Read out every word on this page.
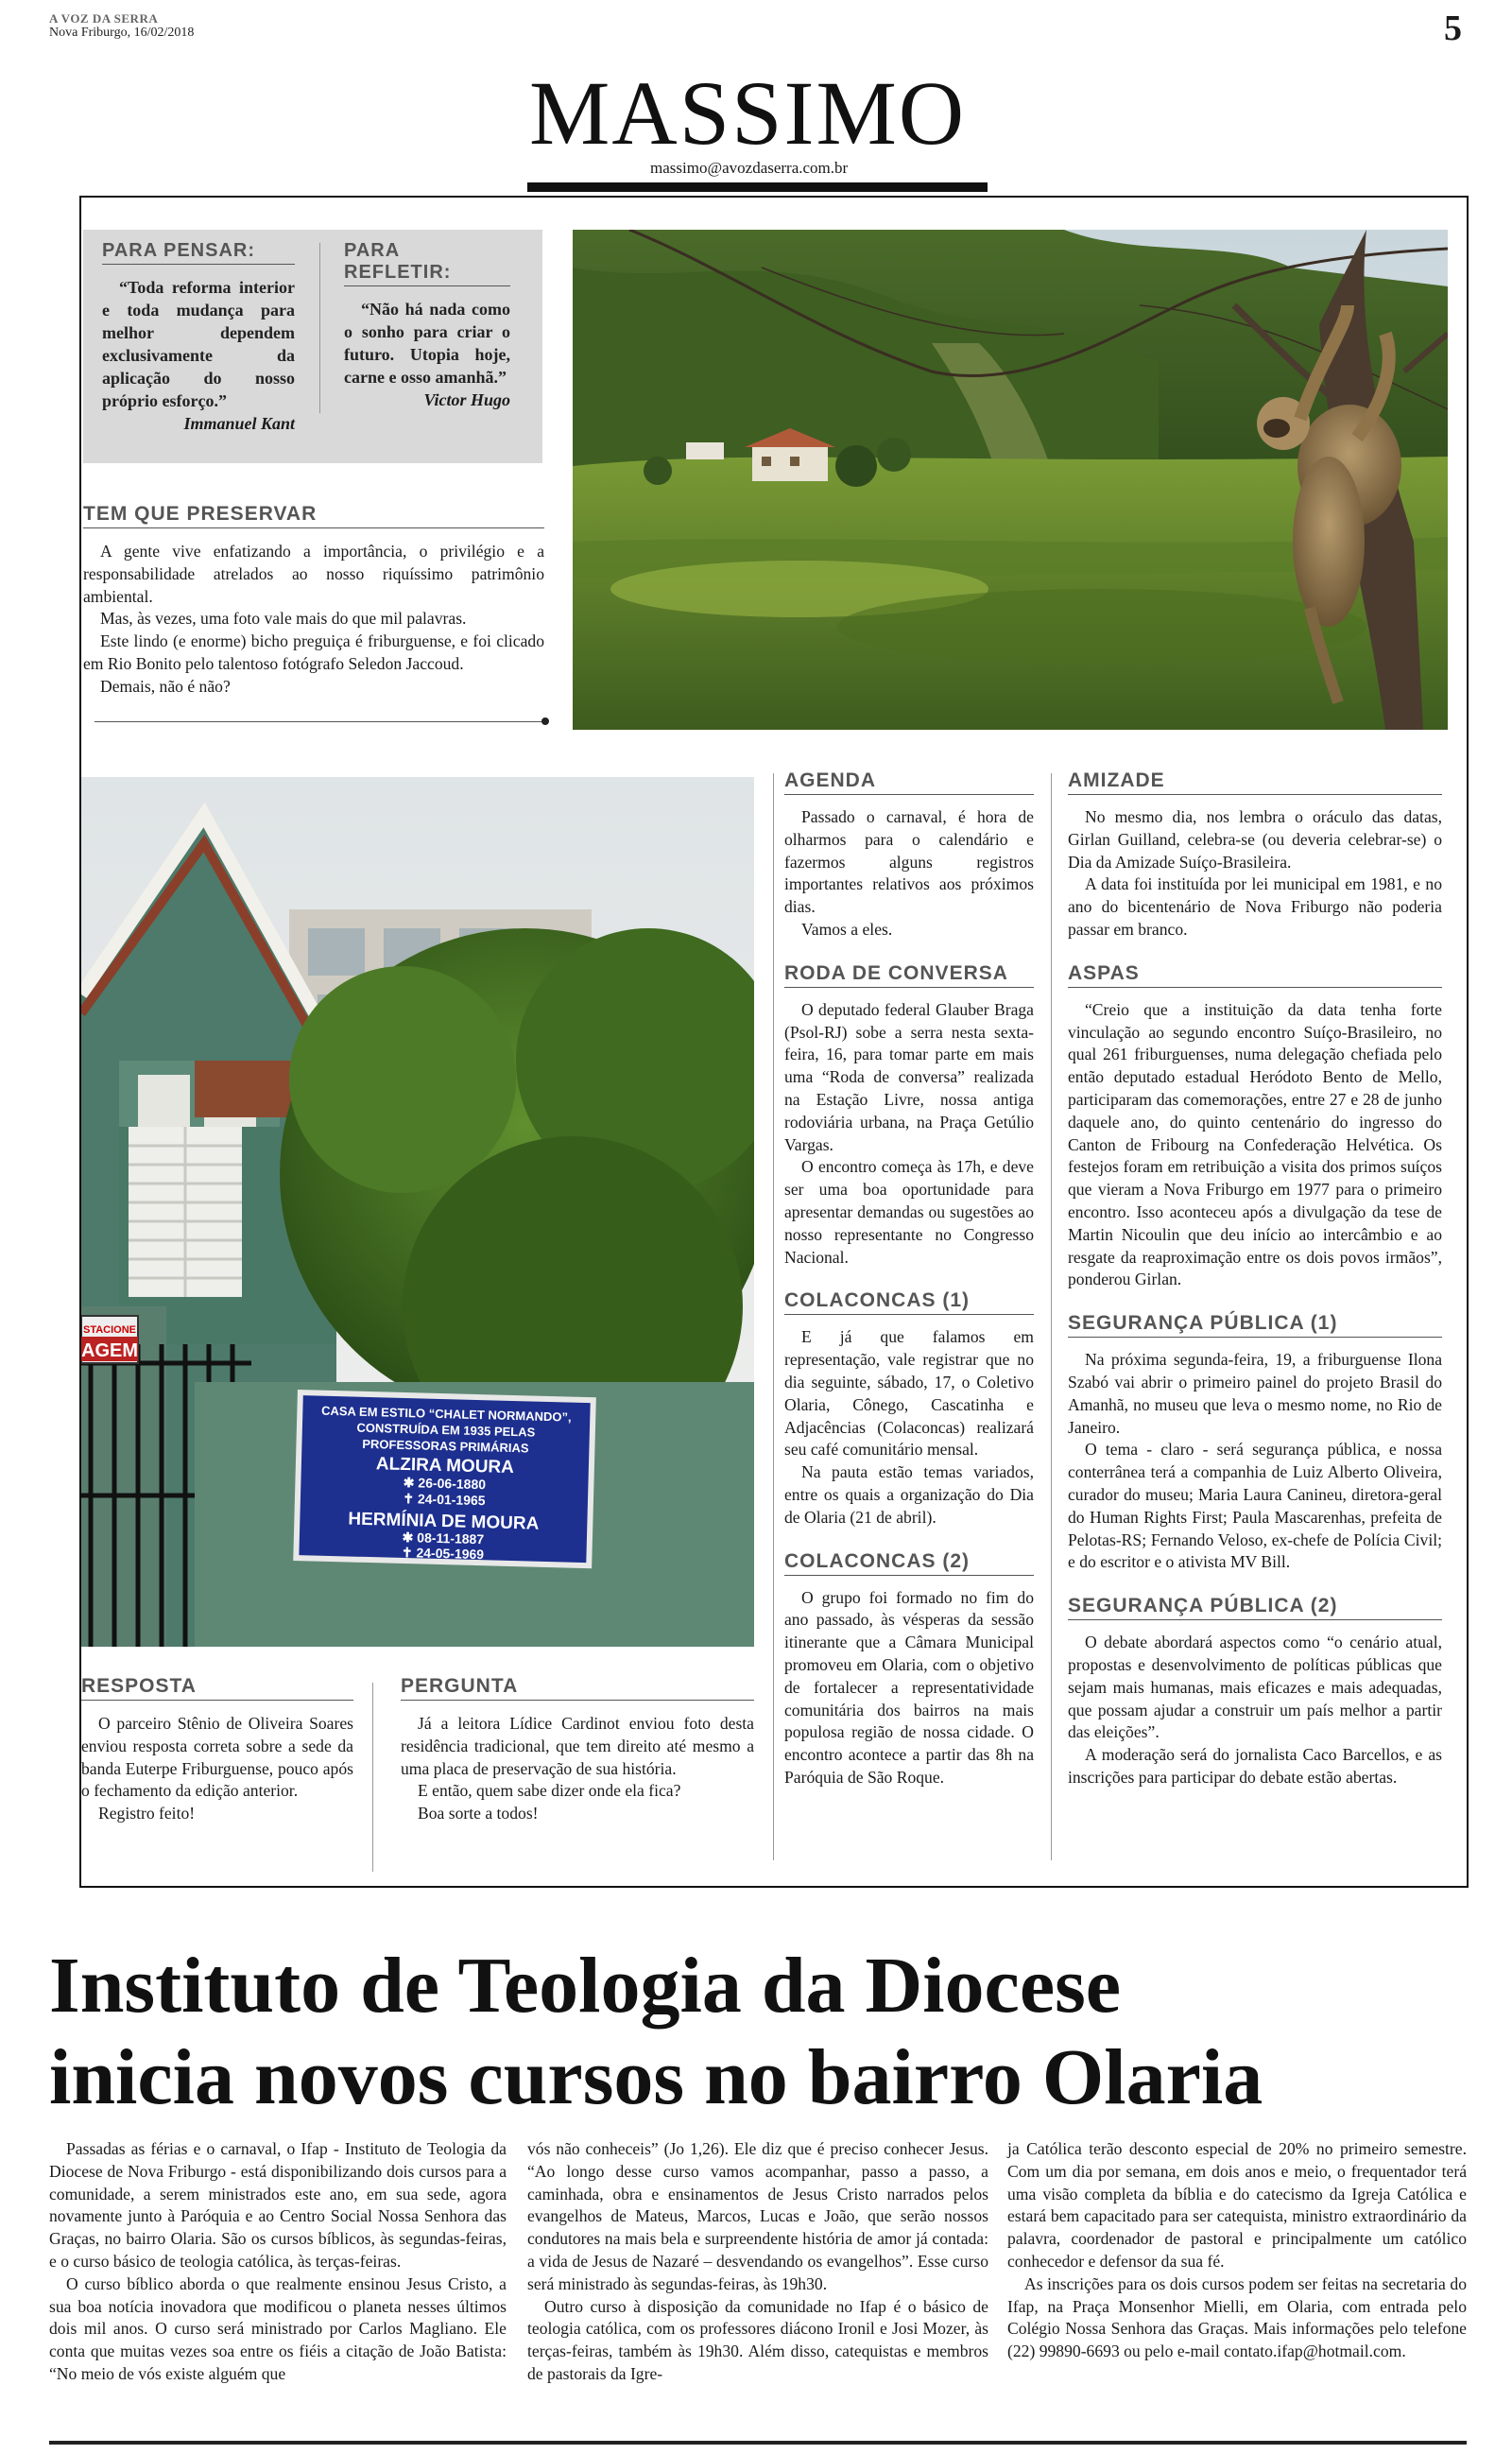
A VOZ DA SERRA
Nova Friburgo, 16/02/2018	5
MASSIMO
massimo@avozdaserra.com.br
PARA PENSAR:

“Toda reforma interior e toda mudança para melhor dependem exclusivamente da aplicação do nosso próprio esforço.”

Immanuel Kant
PARA REFLETIR:

“Não há nada como o sonho para criar o futuro. Utopia hoje, carne e osso amanhã.”

Victor Hugo
TEM QUE PRESERVAR

A gente vive enfatizando a importância, o privilégio e a responsabilidade atrelados ao nosso riquíssimo patrimônio ambiental.

Mas, às vezes, uma foto vale mais do que mil palavras.

Este lindo (e enorme) bicho preguiça é friburguense, e foi clicado em Rio Bonito pelo talentoso fotógrafo Seledon Jaccoud.

Demais, não é não?

STACIONE
AGEM
CASA EM ESTILO “CHALET NORMANDO”,
CONSTRUÍDA EM 1935 PELAS
PROFESSORAS PRIMÁRIAS
ALZIRA MOURA
✱ 26-06-1880
✝ 24-01-1965
HERMÍNIA DE MOURA
✱ 08-11-1887
✝ 24-05-1969
RESPOSTA

O parceiro Stênio de Oliveira Soares enviou resposta correta sobre a sede da banda Euterpe Friburguense, pouco após o fechamento da edição anterior.

Registro feito!

PERGUNTA

Já a leitora Lídice Cardinot enviou foto desta residência tradicional, que tem direito até mesmo a uma placa de preservação de sua história.

E então, quem sabe dizer onde ela fica?

Boa sorte a todos!

AGENDA

Passado o carnaval, é hora de olharmos para o calendário e fazermos alguns registros importantes relativos aos próximos dias.

Vamos a eles.

RODA DE CONVERSA

O deputado federal Glauber Braga (Psol-RJ) sobe a serra nesta sexta-feira, 16, para tomar parte em mais uma “Roda de conversa” realizada na Estação Livre, nossa antiga rodoviária urbana, na Praça Getúlio Vargas.

O encontro começa às 17h, e deve ser uma boa oportunidade para apresentar demandas ou sugestões ao nosso representante no Congresso Nacional.

COLACONCAS (1)

E já que falamos em representação, vale registrar que no dia seguinte, sábado, 17, o Coletivo Olaria, Cônego, Cascatinha e Adjacências (Colaconcas) realizará seu café comunitário mensal.

Na pauta estão temas variados, entre os quais a organização do Dia de Olaria (21 de abril).

COLACONCAS (2)

O grupo foi formado no fim do ano passado, às vésperas da sessão itinerante que a Câmara Municipal promoveu em Olaria, com o objetivo de fortalecer a representatividade comunitária dos bairros na mais populosa região de nossa cidade. O encontro acontece a partir das 8h na Paróquia de São Roque.

AMIZADE

No mesmo dia, nos lembra o oráculo das datas, Girlan Guilland, celebra-se (ou deveria celebrar-se) o Dia da Amizade Suíço-Brasileira.

A data foi instituída por lei municipal em 1981, e no ano do bicentenário de Nova Friburgo não poderia passar em branco.

ASPAS

“Creio que a instituição da data tenha forte vinculação ao segundo encontro Suíço-Brasileiro, no qual 261 friburguenses, numa delegação chefiada pelo então deputado estadual Heródoto Bento de Mello, participaram das comemorações, entre 27 e 28 de junho daquele ano, do quinto centenário do ingresso do Canton de Fribourg na Confederação Helvética. Os festejos foram em retribuição a visita dos primos suíços que vieram a Nova Friburgo em 1977 para o primeiro encontro. Isso aconteceu após a divulgação da tese de Martin Nicoulin que deu início ao intercâmbio e ao resgate da reaproximação entre os dois povos irmãos”, ponderou Girlan.

SEGURANÇA PÚBLICA (1)

Na próxima segunda-feira, 19, a friburguense Ilona Szabó vai abrir o primeiro painel do projeto Brasil do Amanhã, no museu que leva o mesmo nome, no Rio de Janeiro.

O tema - claro - será segurança pública, e nossa conterrânea terá a companhia de Luiz Alberto Oliveira, curador do museu; Maria Laura Canineu, diretora-geral do Human Rights First; Paula Mascarenhas, prefeita de Pelotas-RS; Fernando Veloso, ex-chefe de Polícia Civil; e do escritor e o ativista MV Bill.

SEGURANÇA PÚBLICA (2)

O debate abordará aspectos como “o cenário atual, propostas e desenvolvimento de políticas públicas que sejam mais humanas, mais eficazes e mais adequadas, que possam ajudar a construir um país melhor a partir das eleições”.

A moderação será do jornalista Caco Barcellos, e as inscrições para participar do debate estão abertas.

Instituto de Teologia da Diocese
inicia novos cursos no bairro Olaria

Passadas as férias e o carnaval, o Ifap - Instituto de Teologia da Diocese de Nova Friburgo - está disponibilizando dois cursos para a comunidade, a serem ministrados este ano, em sua sede, agora novamente junto à Paróquia e ao Centro Social Nossa Senhora das Graças, no bairro Olaria. São os cursos bíblicos, às segundas-feiras, e o curso básico de teologia católica, às terças-feiras.

O curso bíblico aborda o que realmente ensinou Jesus Cristo, a sua boa notícia inovadora que modificou o planeta nesses últimos dois mil anos. O curso será ministrado por Carlos Magliano. Ele conta que muitas vezes soa entre os fiéis a citação de João Batista: “No meio de vós existe alguém que

vós não conheceis” (Jo 1,26). Ele diz que é preciso conhecer Jesus. “Ao longo desse curso vamos acompanhar, passo a passo, a caminhada, obra e ensinamentos de Jesus Cristo narrados pelos evangelhos de Mateus, Marcos, Lucas e João, que serão nossos condutores na mais bela e surpreendente história de amor já contada: a vida de Jesus de Nazaré – desvendando os evangelhos”. Esse curso será ministrado às segundas-feiras, às 19h30.

Outro curso à disposição da comunidade no Ifap é o básico de teologia católica, com os professores diácono Ironil e Josi Mozer, às terças-feiras, também às 19h30. Além disso, catequistas e membros de pastorais da Igre-

ja Católica terão desconto especial de 20% no primeiro semestre. Com um dia por semana, em dois anos e meio, o frequentador terá uma visão completa da bíblia e do catecismo da Igreja Católica e estará bem capacitado para ser catequista, ministro extraordinário da palavra, coordenador de pastoral e principalmente um católico conhecedor e defensor da sua fé.

As inscrições para os dois cursos podem ser feitas na secretaria do Ifap, na Praça Monsenhor Mielli, em Olaria, com entrada pelo Colégio Nossa Senhora das Graças. Mais informações pelo telefone (22) 99890-6693 ou pelo e-mail contato.ifap@hotmail.com.
